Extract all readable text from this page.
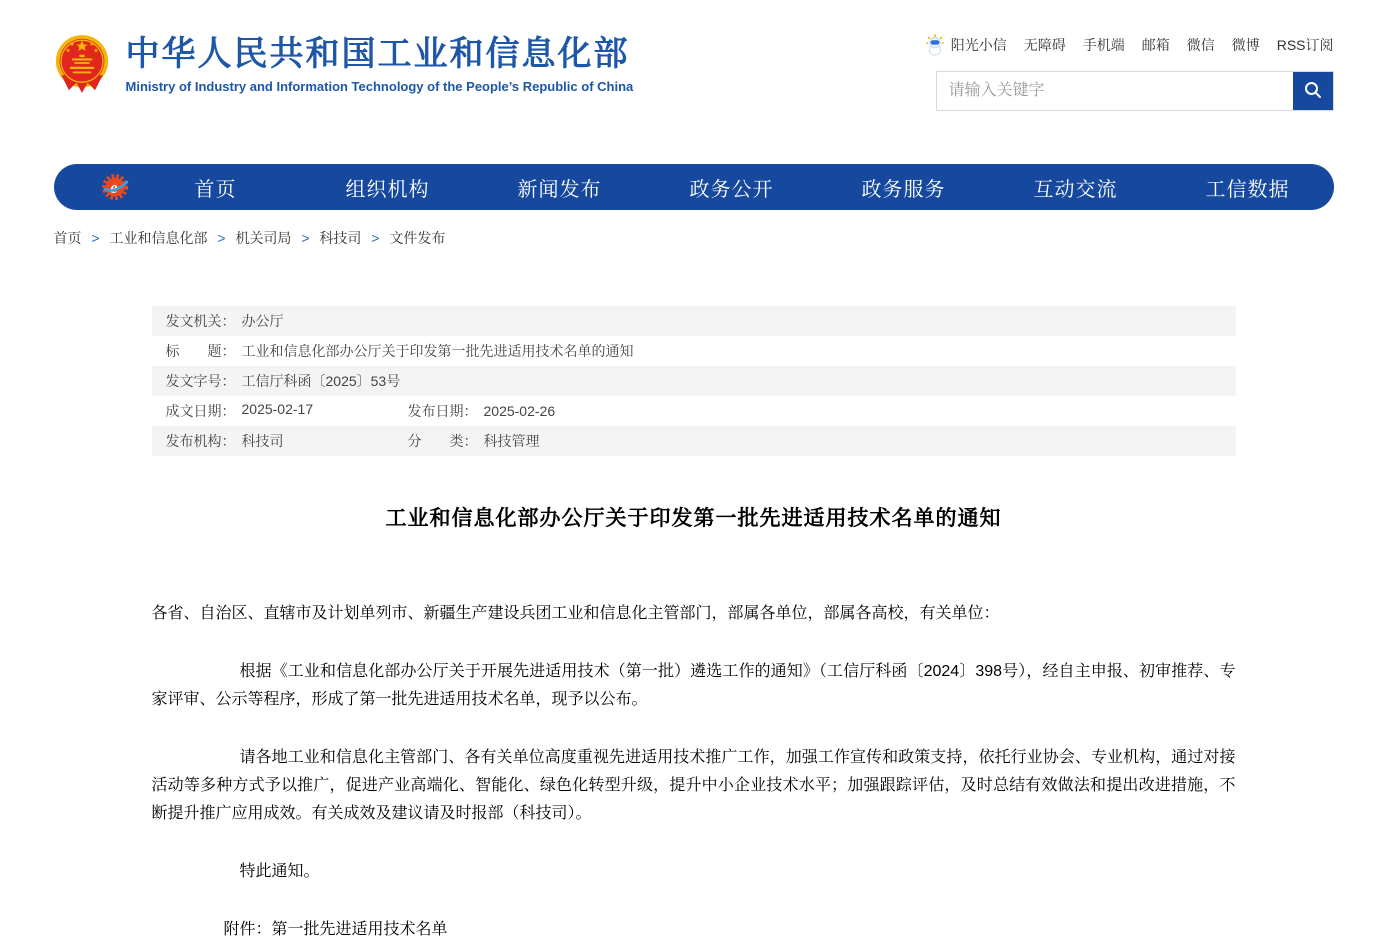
中华人民共和国工业和信息化部
Ministry of Industry and Information Technology of the People’s Republic of China
阳光小信 无障碍 手机端 邮箱 微信 微博 RSS订阅
请输入关键字
e	首页	组织机构	新闻发布	政务公开	政务服务	互动交流	工信数据
首页 > 工业和信息化部 > 机关司局 > 科技司 > 文件发布
发文机关： 办公厅
标　　题： 工业和信息化部办公厅关于印发第一批先进适用技术名单的通知
发文字号： 工信厅科函〔2025〕53号
成文日期： 2025-02-17	发布日期： 2025-02-26
发布机构： 科技司	分　　类： 科技管理
工业和信息化部办公厅关于印发第一批先进适用技术名单的通知

各省、自治区、直辖市及计划单列市、新疆生产建设兵团工业和信息化主管部门，部属各单位，部属各高校，有关单位：

根据《工业和信息化部办公厅关于开展先进适用技术（第一批）遴选工作的通知》（工信厅科函〔2024〕398号），经自主申报、初审推荐、专家评审、公示等程序，形成了第一批先进适用技术名单，现予以公布。

请各地工业和信息化主管部门、各有关单位高度重视先进适用技术推广工作，加强工作宣传和政策支持，依托行业协会、专业机构，通过对接活动等多种方式予以推广，促进产业高端化、智能化、绿色化转型升级，提升中小企业技术水平；加强跟踪评估，及时总结有效做法和提出改进措施，不断提升推广应用成效。有关成效及建议请及时报部（科技司）。

特此通知。

附件：第一批先进适用技术名单
